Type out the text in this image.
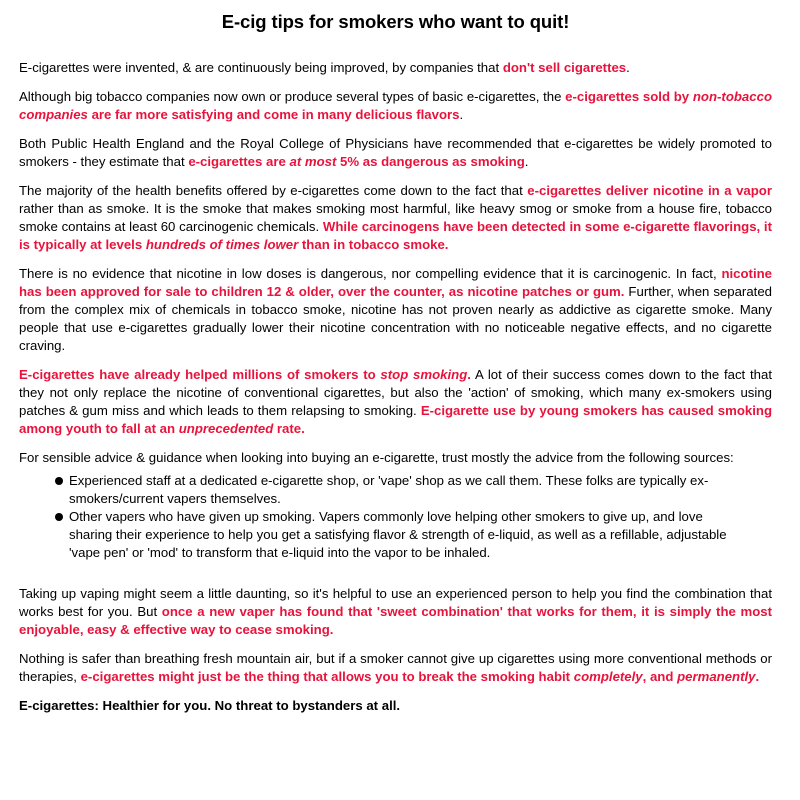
E-cig tips for smokers who want to quit!

E-cigarettes were invented, & are continuously being improved, by companies that don't sell cigarettes.

Although big tobacco companies now own or produce several types of basic e-cigarettes, the e-cigarettes sold by non-tobacco companies are far more satisfying and come in many delicious flavors.

Both Public Health England and the Royal College of Physicians have recommended that e-cigarettes be widely promoted to smokers - they estimate that e-cigarettes are at most 5% as dangerous as smoking.

The majority of the health benefits offered by e-cigarettes come down to the fact that e-cigarettes deliver nicotine in a vapor rather than as smoke. It is the smoke that makes smoking most harmful, like heavy smog or smoke from a house fire, tobacco smoke contains at least 60 carcinogenic chemicals. While carcinogens have been detected in some e-cigarette flavorings, it is typically at levels hundreds of times lower than in tobacco smoke.

There is no evidence that nicotine in low doses is dangerous, nor compelling evidence that it is carcinogenic. In fact, nicotine has been approved for sale to children 12 & older, over the counter, as nicotine patches or gum. Further, when separated from the complex mix of chemicals in tobacco smoke, nicotine has not proven nearly as addictive as cigarette smoke. Many people that use e-cigarettes gradually lower their nicotine concentration with no noticeable negative effects, and no cigarette craving.

E-cigarettes have already helped millions of smokers to stop smoking. A lot of their success comes down to the fact that they not only replace the nicotine of conventional cigarettes, but also the 'action' of smoking, which many ex-smokers using patches & gum miss and which leads to them relapsing to smoking. E-cigarette use by young smokers has caused smoking among youth to fall at an unprecedented rate.

For sensible advice & guidance when looking into buying an e-cigarette, trust mostly the advice from the following sources:

Experienced staff at a dedicated e-cigarette shop, or 'vape' shop as we call them. These folks are typically ex-smokers/current vapers themselves.
Other vapers who have given up smoking. Vapers commonly love helping other smokers to give up, and love sharing their experience to help you get a satisfying flavor & strength of e-liquid, as well as a refillable, adjustable 'vape pen' or 'mod' to transform that e-liquid into the vapor to be inhaled.

Taking up vaping might seem a little daunting, so it's helpful to use an experienced person to help you find the combination that works best for you. But once a new vaper has found that 'sweet combination' that works for them, it is simply the most enjoyable, easy & effective way to cease smoking.

Nothing is safer than breathing fresh mountain air, but if a smoker cannot give up cigarettes using more conventional methods or therapies, e-cigarettes might just be the thing that allows you to break the smoking habit completely, and permanently.

E-cigarettes: Healthier for you. No threat to bystanders at all.
